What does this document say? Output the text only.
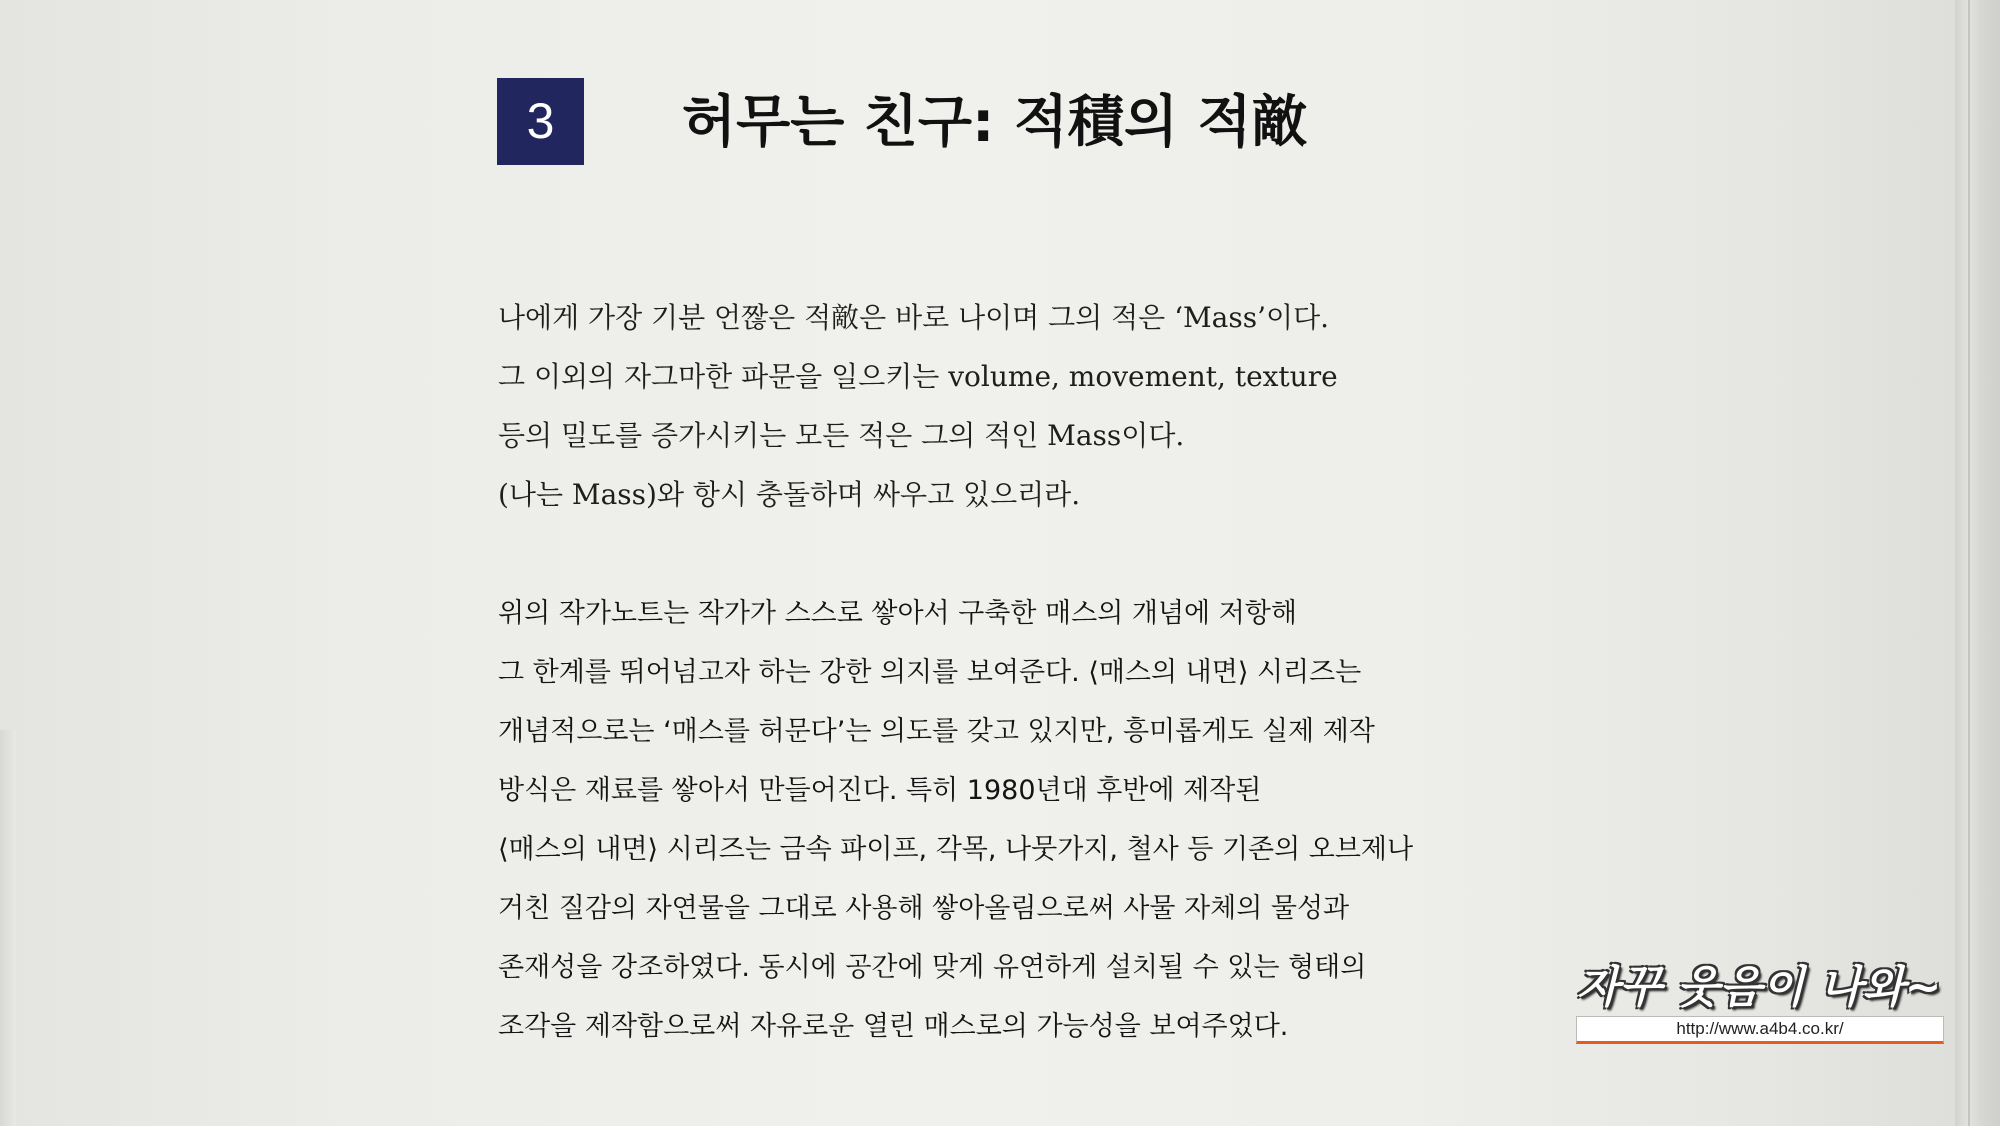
3	허무는 친구: 적積의 적敵
나에게 가장 기분 언짢은 적敵은 바로 나이며 그의 적은 ‘Mass’이다.
그 이외의 자그마한 파문을 일으키는 volume, movement, texture
등의 밀도를 증가시키는 모든 적은 그의 적인 Mass이다.
(나는 Mass)와 항시 충돌하며 싸우고 있으리라.
위의 작가노트는 작가가 스스로 쌓아서 구축한 매스의 개념에 저항해
그 한계를 뛰어넘고자 하는 강한 의지를 보여준다. ⟨매스의 내면⟩ 시리즈는
개념적으로는 ‘매스를 허문다’는 의도를 갖고 있지만, 흥미롭게도 실제 제작
방식은 재료를 쌓아서 만들어진다. 특히 1980년대 후반에 제작된
⟨매스의 내면⟩ 시리즈는 금속 파이프, 각목, 나뭇가지, 철사 등 기존의 오브제나
거친 질감의 자연물을 그대로 사용해 쌓아올림으로써 사물 자체의 물성과
존재성을 강조하였다. 동시에 공간에 맞게 유연하게 설치될 수 있는 형태의
조각을 제작함으로써 자유로운 열린 매스로의 가능성을 보여주었다.
자꾸 웃음이 나와~
http://www.a4b4.co.kr/
